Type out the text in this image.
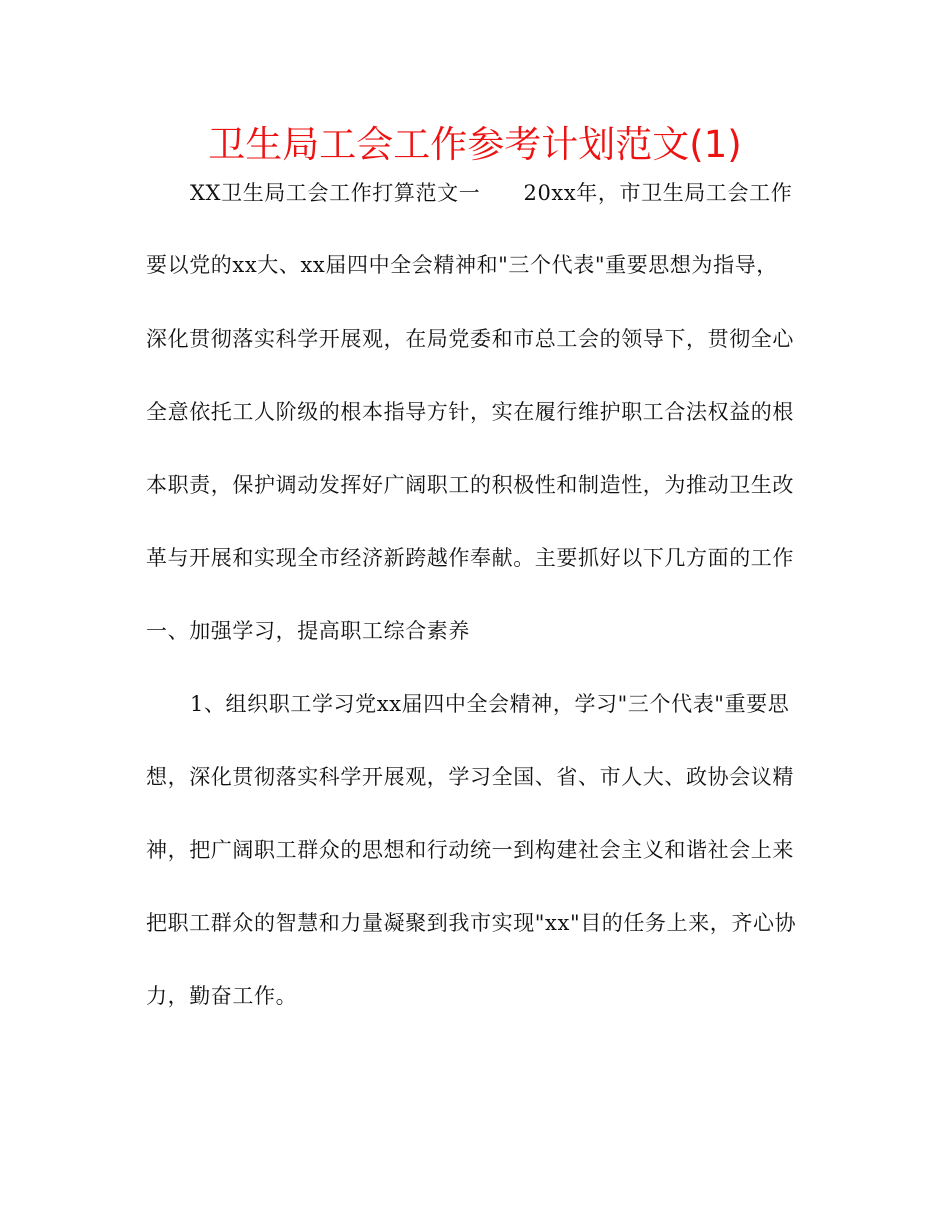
卫生局工会工作参考计划范文(1)
XX卫生局工会工作打算范文一　　20xx年，市卫生局工会工作
要以党的xx大、xx届四中全会精神和"三个代表"重要思想为指导，
深化贯彻落实科学开展观，在局党委和市总工会的领导下，贯彻全心
全意依托工人阶级的根本指导方针，实在履行维护职工合法权益的根
本职责，保护调动发挥好广阔职工的积极性和制造性，为推动卫生改
革与开展和实现全市经济新跨越作奉献。主要抓好以下几方面的工作
一、加强学习，提高职工综合素养
1、组织职工学习党xx届四中全会精神，学习"三个代表"重要思
想，深化贯彻落实科学开展观，学习全国、省、市人大、政协会议精
神，把广阔职工群众的思想和行动统一到构建社会主义和谐社会上来
把职工群众的智慧和力量凝聚到我市实现"xx"目的任务上来，齐心协
力，勤奋工作。
